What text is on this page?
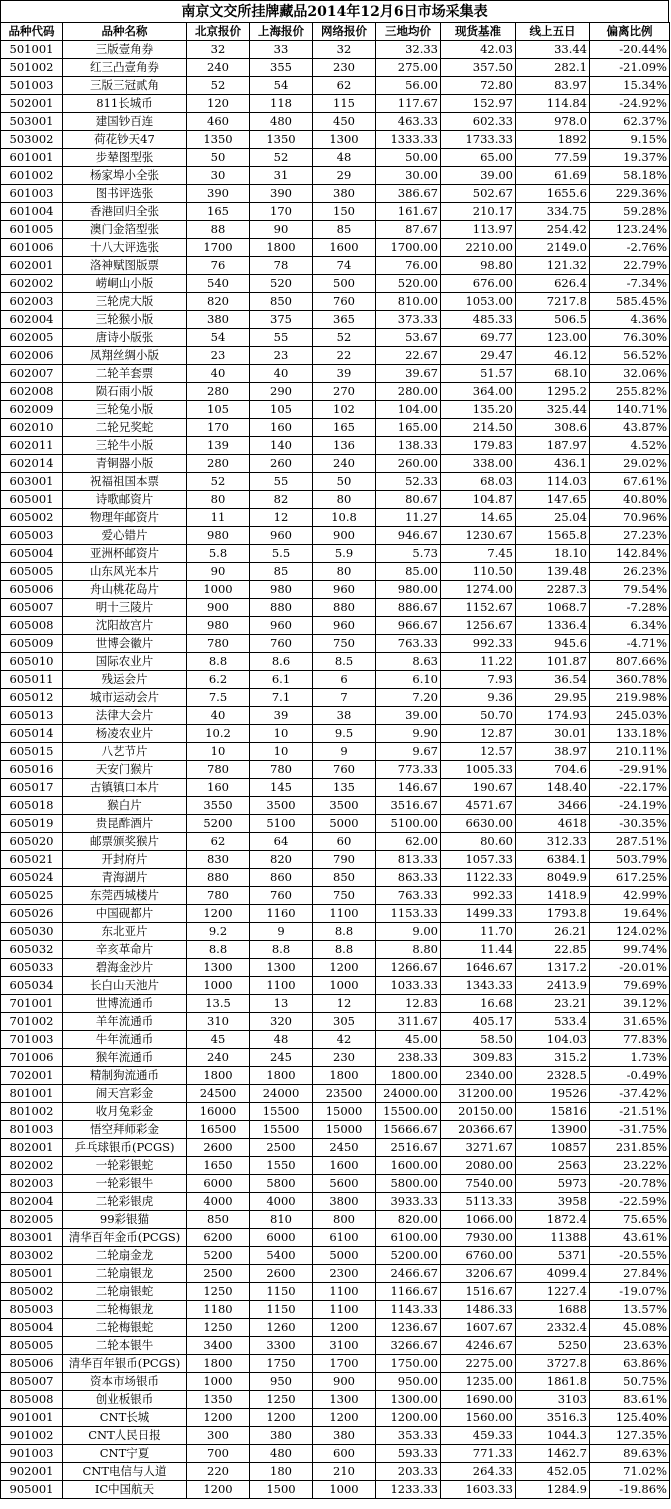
南京文交所挂牌藏品2014年12月6日市场采集表
品种代码	品种名称	北京报价	上海报价	网络报价	三地均价	现货基准	线上五日	偏离比例
501001	三版壹角券	32	33	32	32.33	42.03	33.44	-20.44%
501002	红三凸壹角券	240	355	230	275.00	357.50	282.1	-21.09%
501003	三版三冠贰角	52	54	62	56.00	72.80	83.97	15.34%
502001	811长城币	120	118	115	117.67	152.97	114.84	-24.92%
503001	建国钞百连	460	480	450	463.33	602.33	978.0	62.37%
503002	荷花钞天47	1350	1350	1300	1333.33	1733.33	1892	9.15%
601001	步辇图型张	50	52	48	50.00	65.00	77.59	19.37%
601002	杨家埠小全张	30	31	29	30.00	39.00	61.69	58.18%
601003	图书评选张	390	390	380	386.67	502.67	1655.6	229.36%
601004	香港回归全张	165	170	150	161.67	210.17	334.75	59.28%
601005	澳门金箔型张	88	90	85	87.67	113.97	254.42	123.24%
601006	十八大评选张	1700	1800	1600	1700.00	2210.00	2149.0	-2.76%
602001	洛神赋图版票	76	78	74	76.00	98.80	121.32	22.79%
602002	崂峒山小版	540	520	500	520.00	676.00	626.4	-7.34%
602003	三轮虎大版	820	850	760	810.00	1053.00	7217.8	585.45%
602004	三轮猴小版	380	375	365	373.33	485.33	506.5	4.36%
602005	唐诗小版张	54	55	52	53.67	69.77	123.00	76.30%
602006	凤翔丝绸小版	23	23	22	22.67	29.47	46.12	56.52%
602007	二轮羊套票	40	40	39	39.67	51.57	68.10	32.06%
602008	陨石雨小版	280	290	270	280.00	364.00	1295.2	255.82%
602009	三轮兔小版	105	105	102	104.00	135.20	325.44	140.71%
602010	二轮兄奖蛇	170	160	165	165.00	214.50	308.6	43.87%
602011	三轮牛小版	139	140	136	138.33	179.83	187.97	4.52%
602014	青铜器小版	280	260	240	260.00	338.00	436.1	29.02%
603001	祝福祖国本票	52	55	50	52.33	68.03	114.03	67.61%
605001	诗歌邮资片	80	82	80	80.67	104.87	147.65	40.80%
605002	物理年邮资片	11	12	10.8	11.27	14.65	25.04	70.96%
605003	爱心错片	980	960	900	946.67	1230.67	1565.8	27.23%
605004	亚洲杯邮资片	5.8	5.5	5.9	5.73	7.45	18.10	142.84%
605005	山东风光本片	90	85	80	85.00	110.50	139.48	26.23%
605006	舟山桃花岛片	1000	980	960	980.00	1274.00	2287.3	79.54%
605007	明十三陵片	900	880	880	886.67	1152.67	1068.7	-7.28%
605008	沈阳故宫片	980	960	960	966.67	1256.67	1336.4	6.34%
605009	世博会徽片	780	760	750	763.33	992.33	945.6	-4.71%
605010	国际农业片	8.8	8.6	8.5	8.63	11.22	101.87	807.66%
605011	残运会片	6.2	6.1	6	6.10	7.93	36.54	360.78%
605012	城市运动会片	7.5	7.1	7	7.20	9.36	29.95	219.98%
605013	法律大会片	40	39	38	39.00	50.70	174.93	245.03%
605014	杨凌农业片	10.2	10	9.5	9.90	12.87	30.01	133.18%
605015	八艺节片	10	10	9	9.67	12.57	38.97	210.11%
605016	天安门猴片	780	780	760	773.33	1005.33	704.6	-29.91%
605017	古镇镇口本片	160	145	135	146.67	190.67	148.40	-22.17%
605018	猴白片	3550	3500	3500	3516.67	4571.67	3466	-24.19%
605019	贵昆酢酒片	5200	5100	5000	5100.00	6630.00	4618	-30.35%
605020	邮票颁奖猴片	62	64	60	62.00	80.60	312.33	287.51%
605021	开封府片	830	820	790	813.33	1057.33	6384.1	503.79%
605024	青海湖片	880	860	850	863.33	1122.33	8049.9	617.25%
605025	东莞西城楼片	780	760	750	763.33	992.33	1418.9	42.99%
605026	中国砚都片	1200	1160	1100	1153.33	1499.33	1793.8	19.64%
605030	东北亚片	9.2	9	8.8	9.00	11.70	26.21	124.02%
605032	辛亥革命片	8.8	8.8	8.8	8.80	11.44	22.85	99.74%
605033	碧海金沙片	1300	1300	1200	1266.67	1646.67	1317.2	-20.01%
605034	长白山天池片	1000	1100	1000	1033.33	1343.33	2413.9	79.69%
701001	世博流通币	13.5	13	12	12.83	16.68	23.21	39.12%
701002	羊年流通币	310	320	305	311.67	405.17	533.4	31.65%
701003	牛年流通币	45	48	42	45.00	58.50	104.03	77.83%
701006	猴年流通币	240	245	230	238.33	309.83	315.2	1.73%
702001	精制狗流通币	1800	1800	1800	1800.00	2340.00	2328.5	-0.49%
801001	闹天宫彩金	24500	24000	23500	24000.00	31200.00	19526	-37.42%
801002	收月兔彩金	16000	15500	15000	15500.00	20150.00	15816	-21.51%
801003	悟空拜师彩金	16500	15500	15000	15666.67	20366.67	13900	-31.75%
802001	乒乓球银币(PCGS)	2600	2500	2450	2516.67	3271.67	10857	231.85%
802002	一轮彩银蛇	1650	1550	1600	1600.00	2080.00	2563	23.22%
802003	一轮彩银牛	6000	5800	5600	5800.00	7540.00	5973	-20.78%
802004	二轮彩银虎	4000	4000	3800	3933.33	5113.33	3958	-22.59%
802005	99彩银猫	850	810	800	820.00	1066.00	1872.4	75.65%
803001	清华百年金币(PCGS)	6200	6000	6100	6100.00	7930.00	11388	43.61%
803002	二轮扇金龙	5200	5400	5000	5200.00	6760.00	5371	-20.55%
805001	二轮扇银龙	2500	2600	2300	2466.67	3206.67	4099.4	27.84%
805002	二轮扇银蛇	1250	1150	1100	1166.67	1516.67	1227.4	-19.07%
805003	二轮梅银龙	1180	1150	1100	1143.33	1486.33	1688	13.57%
805004	二轮梅银蛇	1250	1260	1200	1236.67	1607.67	2332.4	45.08%
805005	二轮本银牛	3400	3300	3100	3266.67	4246.67	5250	23.63%
805006	清华百年银币(PCGS)	1800	1750	1700	1750.00	2275.00	3727.8	63.86%
805007	资本市场银币	1000	950	900	950.00	1235.00	1861.8	50.75%
805008	创业板银币	1350	1250	1300	1300.00	1690.00	3103	83.61%
901001	CNT长城	1200	1200	1200	1200.00	1560.00	3516.3	125.40%
901002	CNT人民日报	300	380	380	353.33	459.33	1044.3	127.35%
901003	CNT宁夏	700	480	600	593.33	771.33	1462.7	89.63%
902001	CNT电信与人道	220	180	210	203.33	264.33	452.05	71.02%
905001	IC中国航天	1200	1500	1000	1233.33	1603.33	1284.9	-19.86%
